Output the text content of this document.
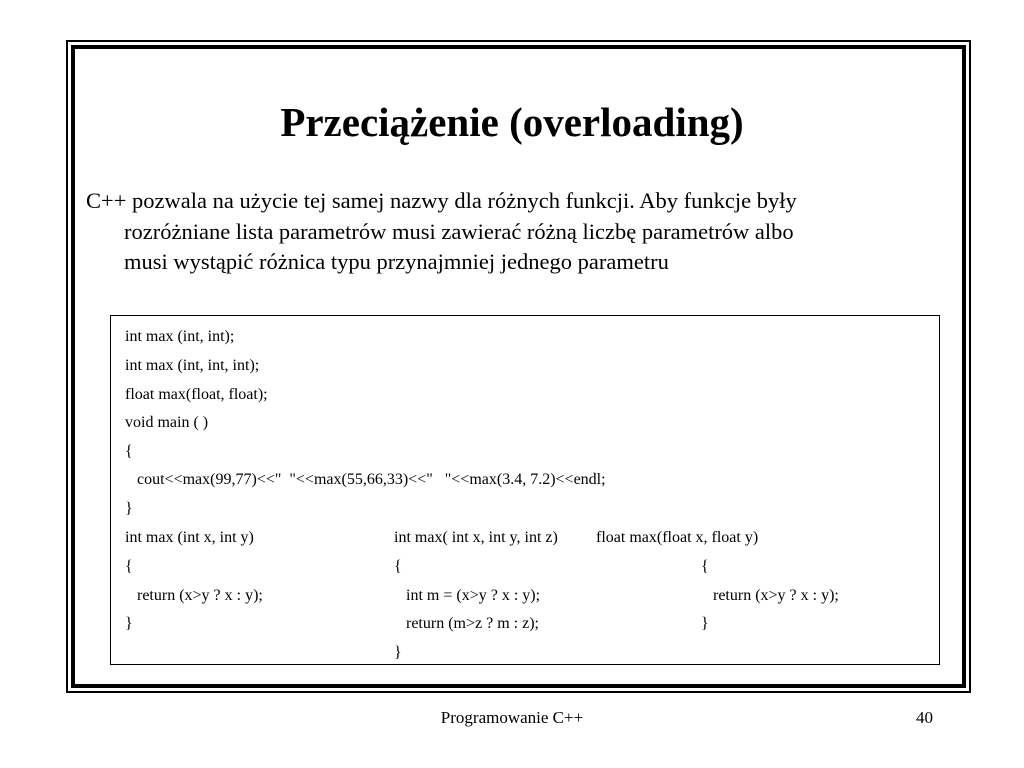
Przeciążenie (overloading)

C++ pozwala na użycie tej samej nazwy dla różnych funkcji. Aby funkcje były
rozróżniane lista parametrów musi zawierać różną liczbę parametrów albo
musi wystąpić różnica typu przynajmniej jednego parametru

int max (int, int);
int max (int, int, int);
float max(float, float);
void main ( )
{
cout<<max(99,77)<<"  "<<max(55,66,33)<<"   "<<max(3.4, 7.2)<<endl;
}
int max (int x, int y)
{
return (x>y ? x : y);
}
int max( int x, int y, int z)
{
int m = (x>y ? x : y);
return (m>z ? m : z);
}
float max(float x, float y)
{
return (x>y ? x : y);
}
Programowanie C++	40
